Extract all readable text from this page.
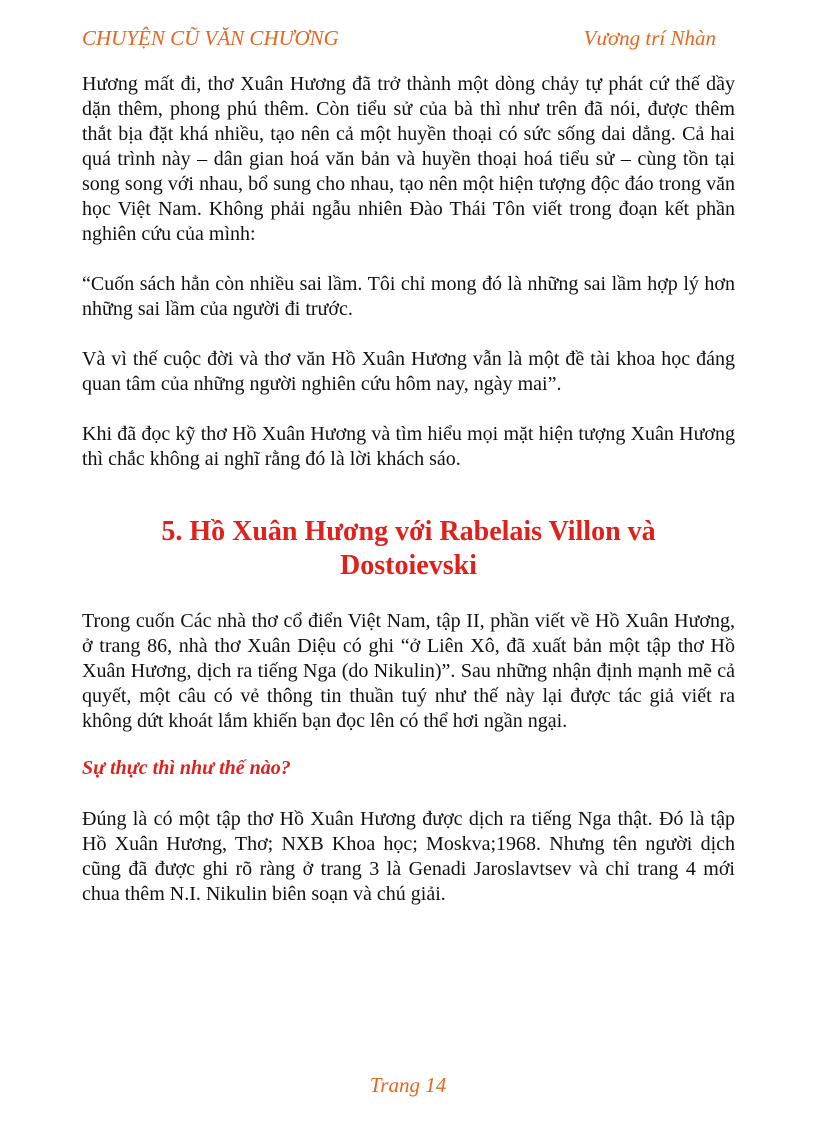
CHUYỆN CŨ VĂN CHƯƠNG	Vương trí Nhàn

Hương mất đi, thơ Xuân Hương đã trở thành một dòng chảy tự phát cứ thế dầy dặn thêm, phong phú thêm. Còn tiểu sử của bà thì như trên đã nói, được thêm thắt bịa đặt khá nhiều, tạo nên cả một huyền thoại có sức sống dai dẳng. Cả hai quá trình này – dân gian hoá văn bản và huyền thoại hoá tiểu sử – cùng tồn tại song song với nhau, bổ sung cho nhau, tạo nên một hiện tượng độc đáo trong văn học Việt Nam. Không phải ngẫu nhiên Đào Thái Tôn viết trong đoạn kết phần nghiên cứu của mình:

“Cuốn sách hẳn còn nhiều sai lầm. Tôi chỉ mong đó là những sai lầm hợp lý hơn những sai lầm của người đi trước.

Và vì thế cuộc đời và thơ văn Hồ Xuân Hương vẫn là một đề tài khoa học đáng quan tâm của những người nghiên cứu hôm nay, ngày mai”.

Khi đã đọc kỹ thơ Hồ Xuân Hương và tìm hiểu mọi mặt hiện tượng Xuân Hương thì chắc không ai nghĩ rằng đó là lời khách sáo.

5. Hồ Xuân Hương với Rabelais Villon và
Dostoievski

Trong cuốn Các nhà thơ cổ điển Việt Nam, tập II, phần viết về Hồ Xuân Hương, ở trang 86, nhà thơ Xuân Diệu có ghi “ở Liên Xô, đã xuất bản một tập thơ Hồ Xuân Hương, dịch ra tiếng Nga (do Nikulin)”. Sau những nhận định mạnh mẽ cả quyết, một câu có vẻ thông tin thuần tuý như thế này lại được tác giả viết ra không dứt khoát lắm khiến bạn đọc lên có thể hơi ngần ngại.

Sự thực thì như thế nào?

Đúng là có một tập thơ Hồ Xuân Hương được dịch ra tiếng Nga thật. Đó là tập Hồ Xuân Hương, Thơ; NXB Khoa học; Moskva;1968. Nhưng tên người dịch cũng đã được ghi rõ ràng ở trang 3 là Genadi Jaroslavtsev và chỉ trang 4 mới chua thêm N.I. Nikulin biên soạn và chú giải.

Trang 14
